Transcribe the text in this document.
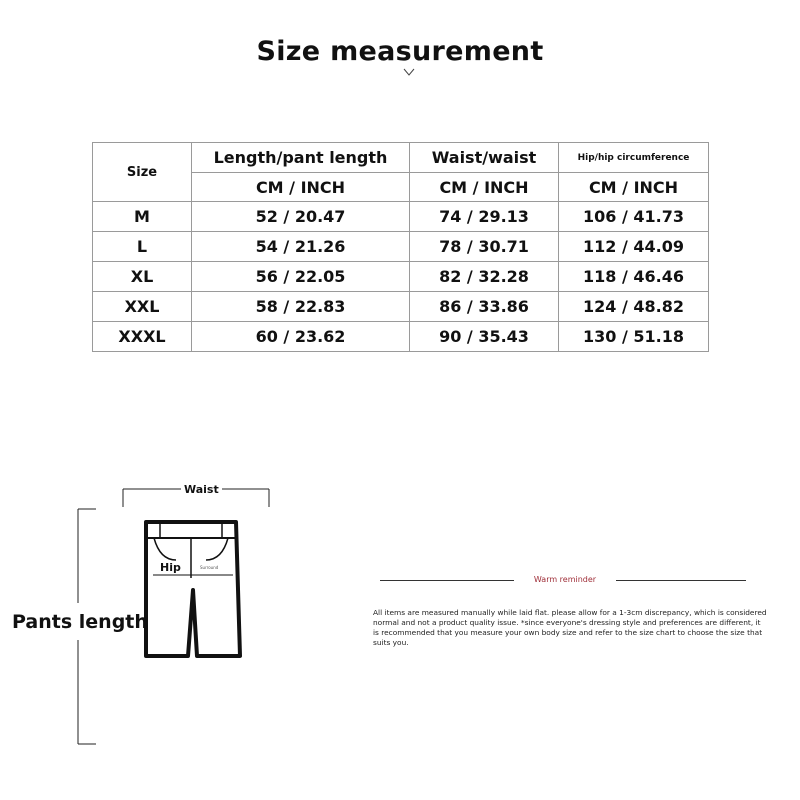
Size measurement
Size	Length/pant length	Waist/waist	Hip/hip circumference
	CM / INCH	CM / INCH	CM / INCH
M	52 / 20.47	74 / 29.13	106 / 41.73
L	54 / 21.26	78 / 30.71	112 / 44.09
XL	56 / 22.05	82 / 32.28	118 / 46.46
XXL	58 / 22.83	86 / 33.86	124 / 48.82
XXXL	60 / 23.62	90 / 35.43	130 / 51.18
Waist
Hip	Surround
Pants length
Warm reminder
All items are measured manually while laid flat. please allow for a 1-3cm discrepancy, which is considered normal and not a product quality issue. *since everyone's dressing style and preferences are different, it is recommended that you measure your own body size and refer to the size chart to choose the size that suits you.
